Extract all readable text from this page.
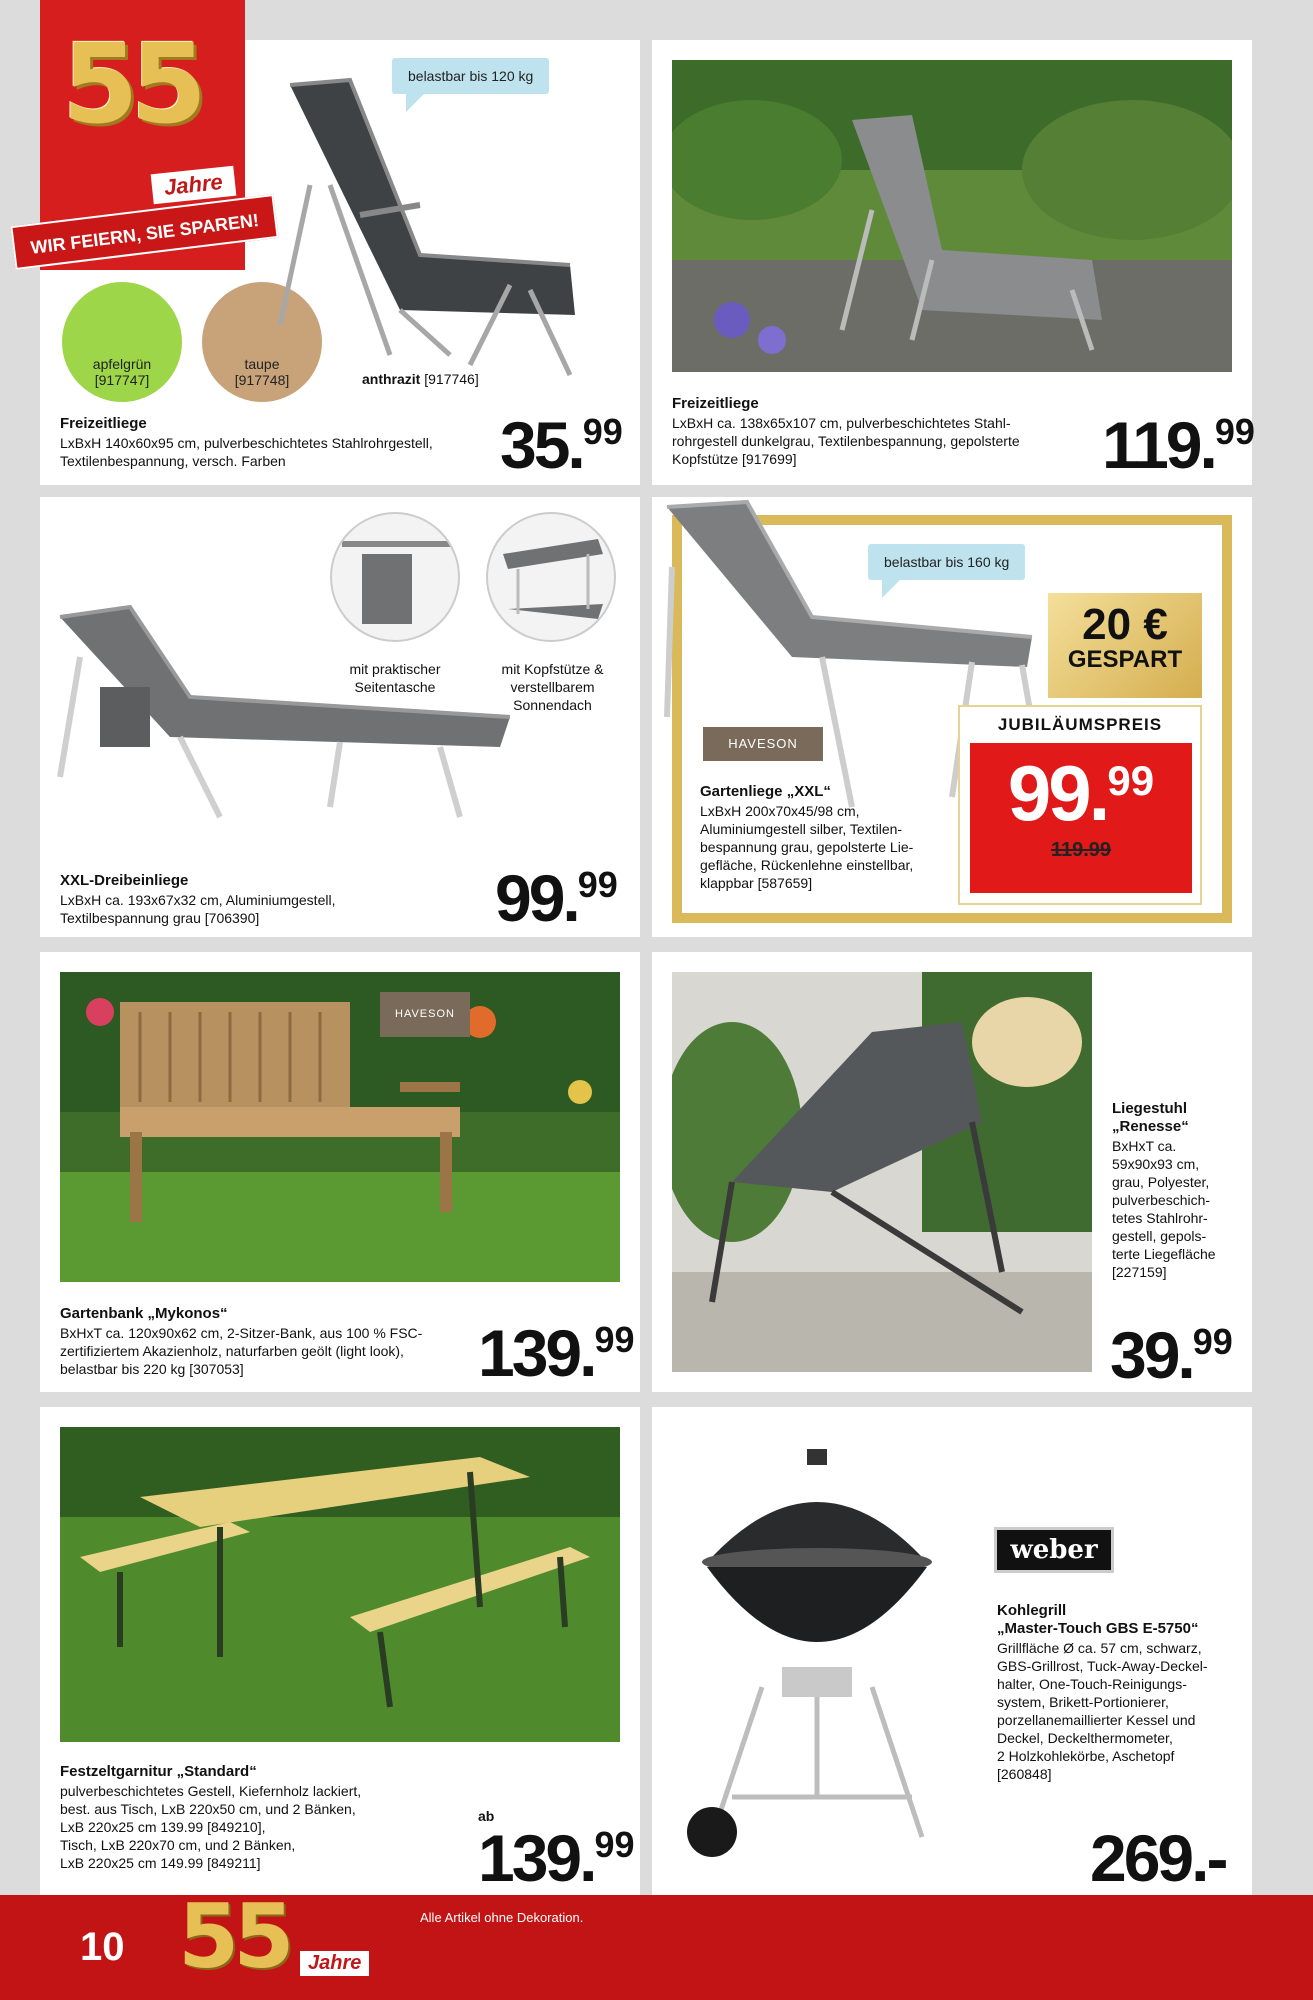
apfelgrün
[917747]
taupe
[917748]
belastbar bis 120 kg
anthrazit [917746]
Freizeitliege
LxBxH 140x60x95 cm, pulverbeschichtetes Stahlrohrgestell,
Textilenbespannung, versch. Farben	35.99
55
Jahre
WIR FEIERN, SIE SPAREN!
Freizeitliege
LxBxH ca. 138x65x107 cm, pulverbeschichtetes Stahl-
rohrgestell dunkelgrau, Textilenbespannung, gepolsterte
Kopfstütze [917699]	119.99
mit praktischer Seitentasche
mit Kopfstütze & verstellbarem Sonnendach
XXL-Dreibeinliege
LxBxH ca. 193x67x32 cm, Aluminiumgestell,
Textilbespannung grau [706390]	99.99
belastbar bis 160 kg
20 €
GESPART
JUBILÄUMSPREIS
99.99
119.99
HAVESON
Gartenliege „XXL“
LxBxH 200x70x45/98 cm,
Aluminiumgestell silber, Textilen-
bespannung grau, gepolsterte Lie-
gefläche, Rückenlehne einstellbar,
klappbar [587659]
HAVESON
Gartenbank „Mykonos“
BxHxT ca. 120x90x62 cm, 2-Sitzer-Bank, aus 100 % FSC-
zertifiziertem Akazienholz, naturfarben geölt (light look),
belastbar bis 220 kg [307053]	139.99
Liegestuhl
„Renesse“
BxHxT ca.
59x90x93 cm,
grau, Polyester,
pulverbeschich-
tetes Stahlrohr-
gestell, gepols-
terte Liegefläche
[227159]
39.99
Festzeltgarnitur „Standard“
pulverbeschichtetes Gestell, Kiefernholz lackiert,
best. aus Tisch, LxB 220x50 cm, und 2 Bänken,
LxB 220x25 cm 139.99 [849210],
Tisch, LxB 220x70 cm, und 2 Bänken,
LxB 220x25 cm 149.99 [849211]
ab
139.99
weber
Kohlegrill
„Master-Touch GBS E-5750“
Grillfläche Ø ca. 57 cm, schwarz,
GBS-Grillrost, Tuck-Away-Deckel-
halter, One-Touch-Reinigungs-
system, Brikett-Portionierer,
porzellanemaillierter Kessel und
Deckel, Deckelthermometer,
2 Holzkohlekörbe, Aschetopf
[260848]
269.-
10 55 Jahre
Alle Artikel ohne Dekoration.
